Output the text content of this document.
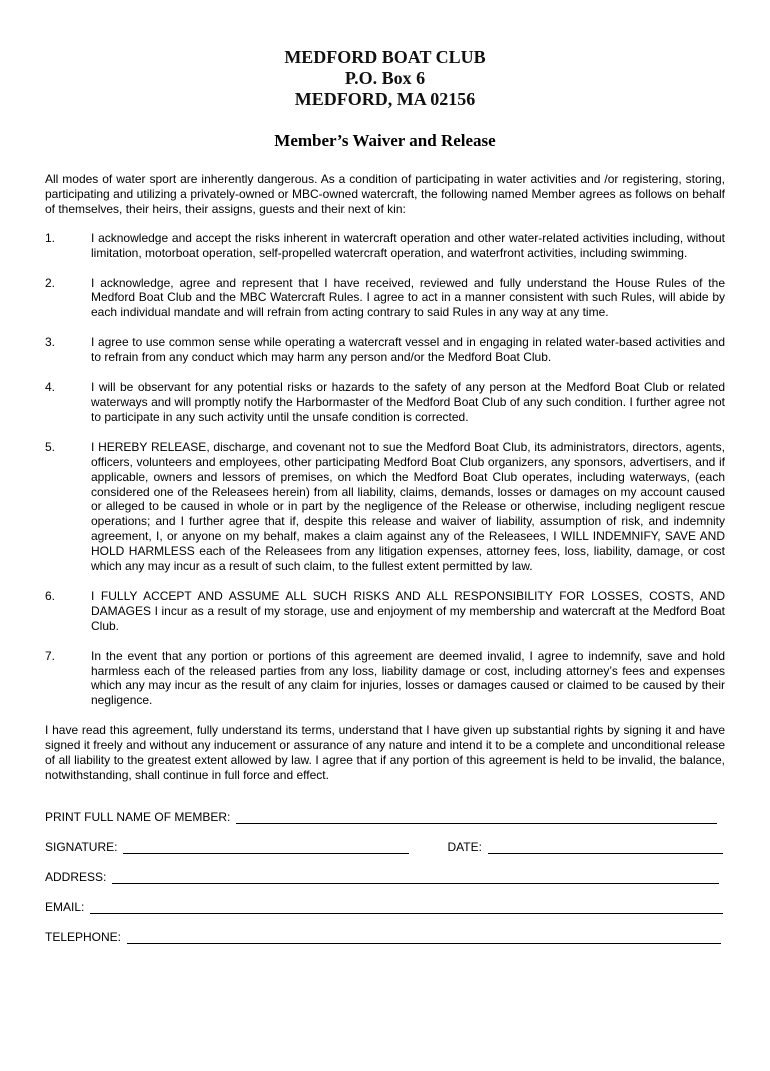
MEDFORD BOAT CLUB
P.O. Box 6
MEDFORD, MA 02156
Member’s Waiver and Release

All modes of water sport are inherently dangerous. As a condition of participating in water activities and /or registering, storing, participating and utilizing a privately-owned or MBC-owned watercraft, the following named Member agrees as follows on behalf of themselves, their heirs, their assigns, guests and their next of kin:

1.	I acknowledge and accept the risks inherent in watercraft operation and other water-related activities including, without limitation, motorboat operation, self-propelled watercraft operation, and waterfront activities, including swimming.
2.	I acknowledge, agree and represent that I have received, reviewed and fully understand the House Rules of the Medford Boat Club and the MBC Watercraft Rules. I agree to act in a manner consistent with such Rules, will abide by each individual mandate and will refrain from acting contrary to said Rules in any way at any time.
3.	I agree to use common sense while operating a watercraft vessel and in engaging in related water-based activities and to refrain from any conduct which may harm any person and/or the Medford Boat Club.
4.	I will be observant for any potential risks or hazards to the safety of any person at the Medford Boat Club or related waterways and will promptly notify the Harbormaster of the Medford Boat Club of any such condition. I further agree not to participate in any such activity until the unsafe condition is corrected.
5.	I HEREBY RELEASE, discharge, and covenant not to sue the Medford Boat Club, its administrators, directors, agents, officers, volunteers and employees, other participating Medford Boat Club organizers, any sponsors, advertisers, and if applicable, owners and lessors of premises, on which the Medford Boat Club operates, including waterways, (each considered one of the Releasees herein) from all liability, claims, demands, losses or damages on my account caused or alleged to be caused in whole or in part by the negligence of the Release or otherwise, including negligent rescue operations; and I further agree that if, despite this release and waiver of liability, assumption of risk, and indemnity agreement, I, or anyone on my behalf, makes a claim against any of the Releasees, I WILL INDEMNIFY, SAVE AND HOLD HARMLESS each of the Releasees from any litigation expenses, attorney fees, loss, liability, damage, or cost which any may incur as a result of such claim, to the fullest extent permitted by law.
6.	I FULLY ACCEPT AND ASSUME ALL SUCH RISKS AND ALL RESPONSIBILITY FOR LOSSES, COSTS, AND DAMAGES I incur as a result of my storage, use and enjoyment of my membership and watercraft at the Medford Boat Club.
7.	In the event that any portion or portions of this agreement are deemed invalid, I agree to indemnify, save and hold harmless each of the released parties from any loss, liability damage or cost, including attorney’s fees and expenses which any may incur as the result of any claim for injuries, losses or damages caused or claimed to be caused by their negligence.

I have read this agreement, fully understand its terms, understand that I have given up substantial rights by signing it and have signed it freely and without any inducement or assurance of any nature and intend it to be a complete and unconditional release of all liability to the greatest extent allowed by law. I agree that if any portion of this agreement is held to be invalid, the balance, notwithstanding, shall continue in full force and effect.

PRINT FULL NAME OF MEMBER:
SIGNATURE:	DATE:
ADDRESS:
EMAIL:
TELEPHONE:
